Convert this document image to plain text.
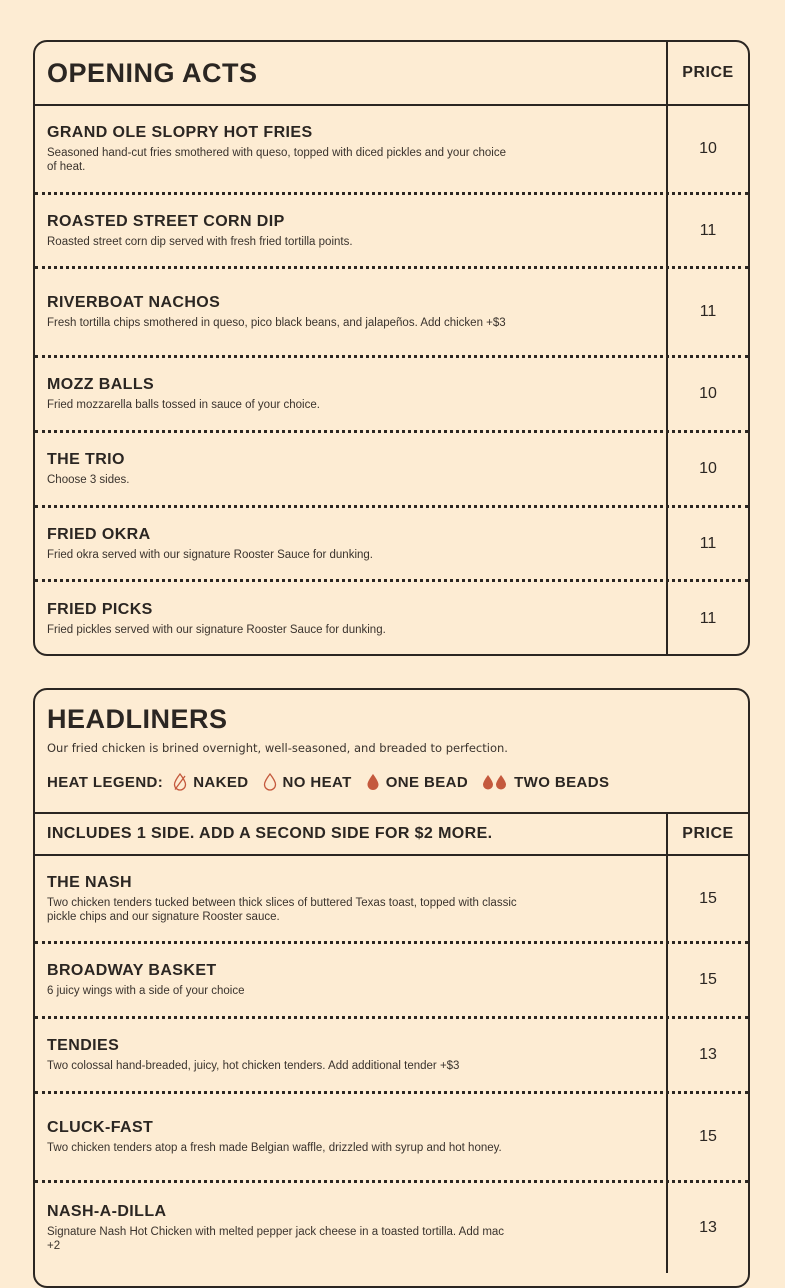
OPENING ACTS	PRICE
GRAND OLE SLOPRY HOT FRIES
Seasoned hand-cut fries smothered with queso, topped with diced pickles and your choice of heat.
10
ROASTED STREET CORN DIP
Roasted street corn dip served with fresh fried tortilla points.
11
RIVERBOAT NACHOS
Fresh tortilla chips smothered in queso, pico black beans, and jalapeños. Add chicken +$3
11
MOZZ BALLS
Fried mozzarella balls tossed in sauce of your choice.
10
THE TRIO
Choose 3 sides.
10
FRIED OKRA
Fried okra served with our signature Rooster Sauce for dunking.
11
FRIED PICKS
Fried pickles served with our signature Rooster Sauce for dunking.
11
HEADLINERS

Our fried chicken is brined overnight, well-seasoned, and breaded to perfection.

HEAT LEGEND: NAKED NO HEAT ONE BEAD	TWO BEADS
INCLUDES 1 SIDE. ADD A SECOND SIDE FOR $2 MORE.	PRICE
THE NASH
Two chicken tenders tucked between thick slices of buttered Texas toast, topped with classic pickle chips and our signature Rooster sauce.
15
BROADWAY BASKET
6 juicy wings with a side of your choice
15
TENDIES
Two colossal hand-breaded, juicy, hot chicken tenders. Add additional tender +$3
13
CLUCK-FAST
Two chicken tenders atop a fresh made Belgian waffle, drizzled with syrup and hot honey.
15
NASH-A-DILLA
Signature Nash Hot Chicken with melted pepper jack cheese in a toasted tortilla. Add mac +2
13
